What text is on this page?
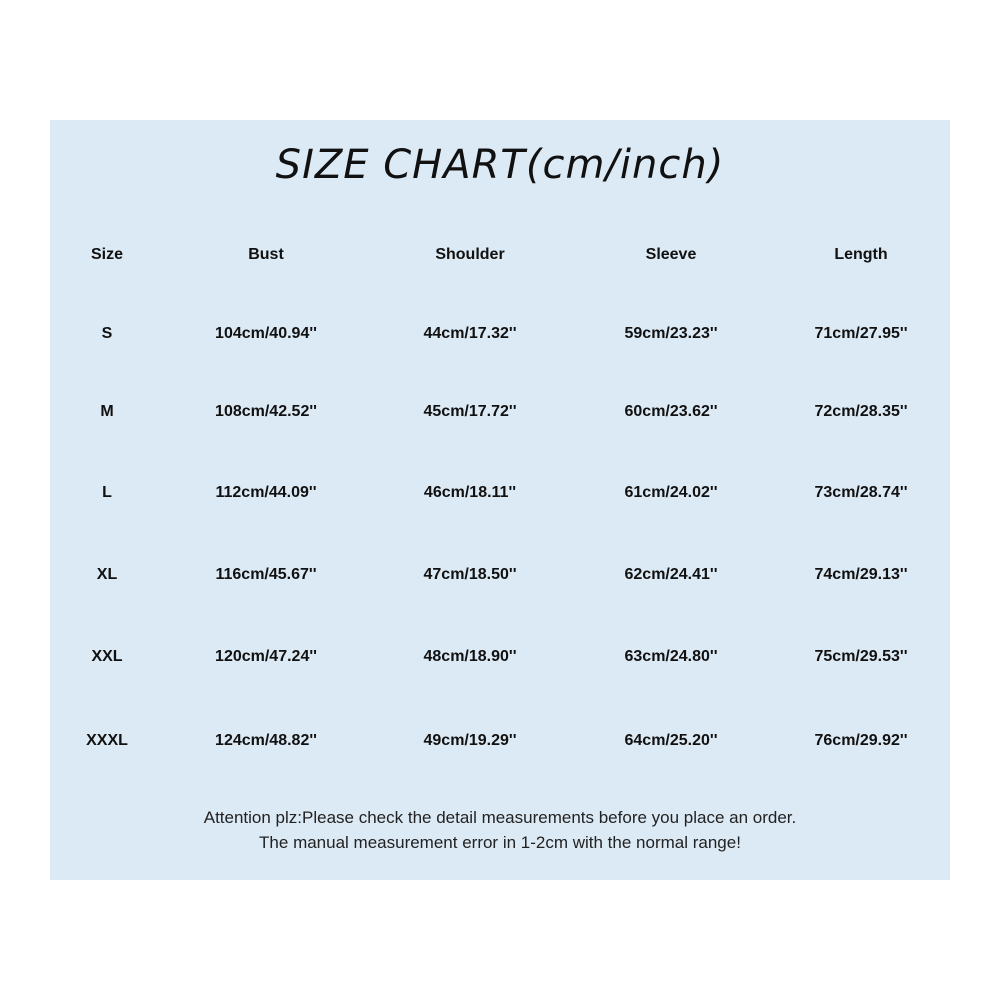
SIZE CHART(cm/inch)
Size	Bust	Shoulder	Sleeve	Length
S	104cm/40.94''	44cm/17.32''	59cm/23.23''	71cm/27.95''
M	108cm/42.52''	45cm/17.72''	60cm/23.62''	72cm/28.35''
L	112cm/44.09''	46cm/18.11''	61cm/24.02''	73cm/28.74''
XL	116cm/45.67''	47cm/18.50''	62cm/24.41''	74cm/29.13''
XXL	120cm/47.24''	48cm/18.90''	63cm/24.80''	75cm/29.53''
XXXL	124cm/48.82''	49cm/19.29''	64cm/25.20''	76cm/29.92''
Attention plz:Please check the detail measurements before you place an order.
The manual measurement error in 1-2cm with the normal range!
